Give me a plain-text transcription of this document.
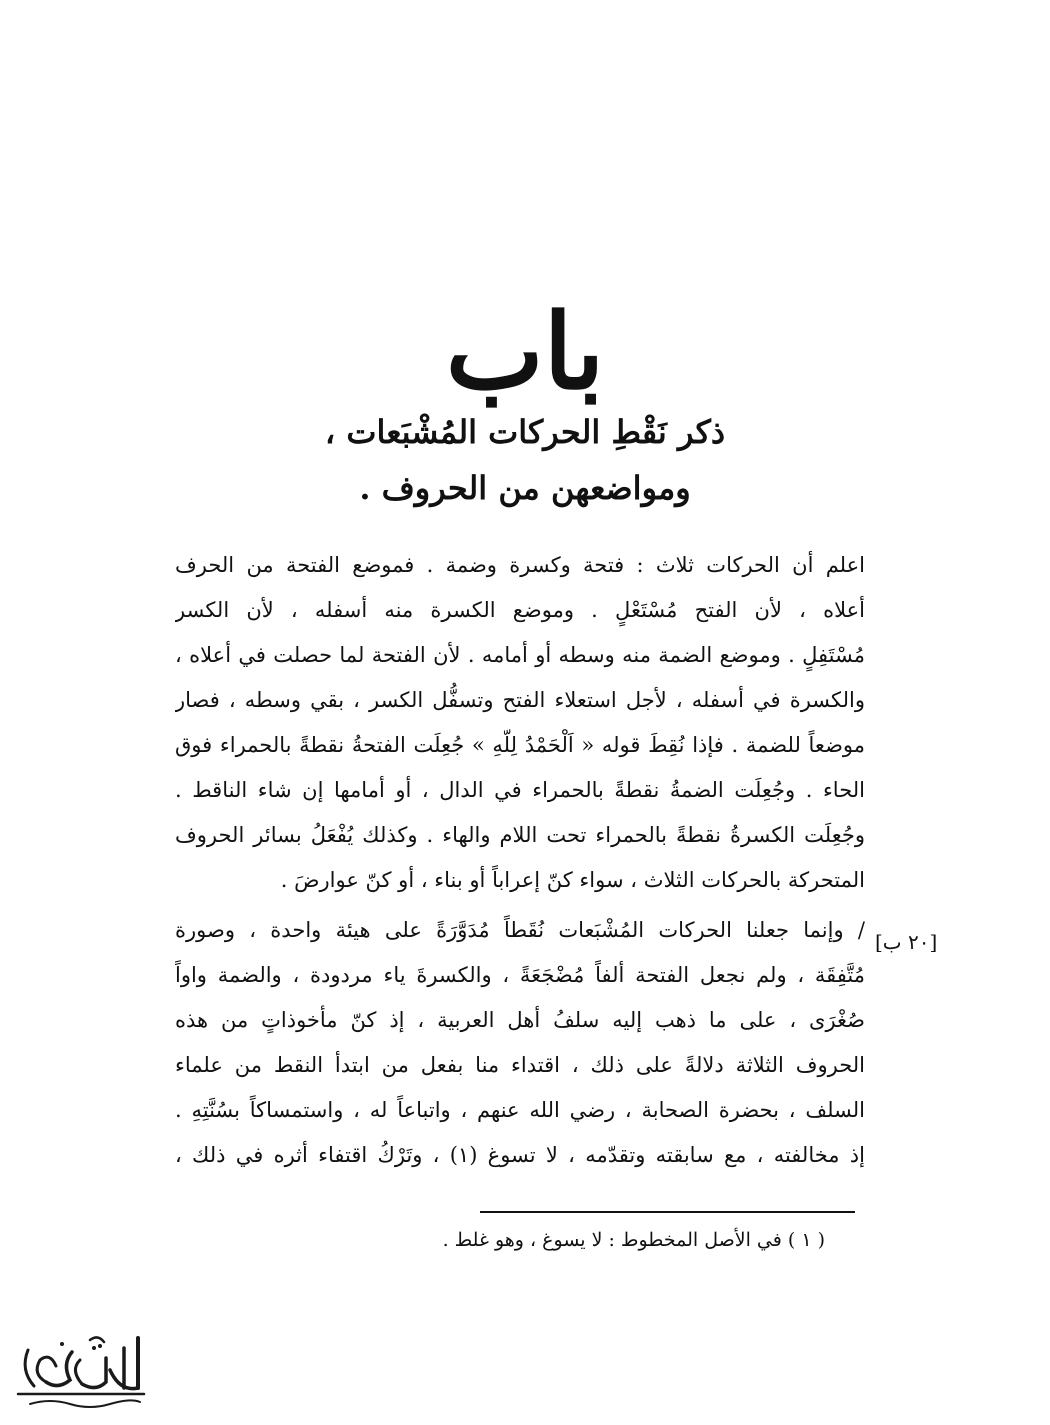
باب
ذكر نَقْطِ الحركات المُشْبَعات ،
ومواضعهن من الحروف .
اعلم أن الحركات ثلاث : فتحة وكسرة وضمة . فموضع الفتحة من الحرف
أعلاه ، لأن الفتح مُسْتَعْلٍ . وموضع الكسرة منه أسفله ، لأن الكسر
مُسْتَفِلٍ . وموضع الضمة منه وسطه أو أمامه . لأن الفتحة لما حصلت في أعلاه ،
والكسرة في أسفله ، لأجل استعلاء الفتح وتسفُّل الكسر ، بقي وسطه ، فصار
موضعاً للضمة . فإذا نُقِطَ قوله « اَلْحَمْدُ لِلّهِ » جُعِلَت الفتحةُ نقطةً بالحمراء فوق
الحاء . وجُعِلَت الضمةُ نقطةً بالحمراء في الدال ، أو أمامها إن شاء الناقط .
وجُعِلَت الكسرةُ نقطةً بالحمراء تحت اللام والهاء . وكذلك يُفْعَلُ بسائر الحروف
المتحركة بالحركات الثلاث ، سواء كنّ إعراباً أو بناء ، أو كنّ عوارضَ .
/ وإنما جعلنا الحركات المُشْبَعات نُقَطاً مُدَوَّرَةً على هيئة واحدة ، وصورة
مُتَّفِقَة ، ولم نجعل الفتحة ألفاً مُضْجَعَةً ، والكسرةَ ياء مردودة ، والضمة واواً
صُغْرَى ، على ما ذهب إليه سلفُ أهل العربية ، إذ كنّ مأخوذاتٍ من هذه
الحروف الثلاثة دلالةً على ذلك ، اقتداء منا بفعل من ابتدأ النقط من علماء
السلف ، بحضرة الصحابة ، رضي الله عنهم ، واتباعاً له ، واستمساكاً بسُنَّتِهِ .
إذ مخالفته ، مع سابقته وتقدّمه ، لا تسوغ (١) ، وتَرْكُ اقتفاء أثره في ذلك ،
[٢٠ ب]
( ١ ) في الأصل المخطوط : لا يسوغ ، وهو غلط .
